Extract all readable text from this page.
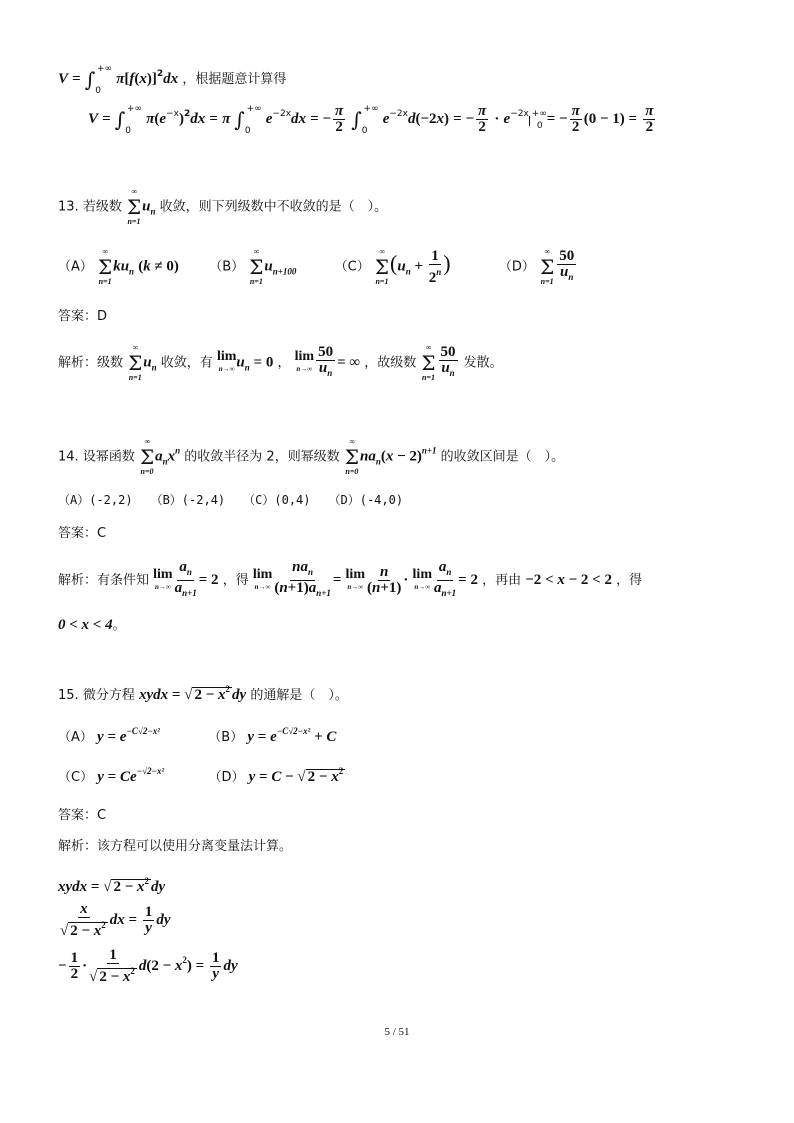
$V = \int_0^{+\infty}$ $\pi[f(x)]^2dx$ ，根据题意计算得
$V = \int_0^{+\infty}$ $\pi(e^{-x})^2dx = \pi$ $\int_0^{+\infty}$ $e^{-2x}dx$ = − $\frac{\pi}{2} \int_0^{+\infty}$ $e^{-2x}d(-2x)$ = − $\frac{\pi}{2} \cdot e^{-2x} +\infty 0$ = − $\frac{\pi}{2} (0 - 1) = \frac{\pi}{2}$
13. 若级数
∞
Σ
n=1
$u_n$ 收敛，则下列级数中不收敛的是（　）。
（A）
∞
Σ
n=1
$ku_n$ (k ≠ 0) （B）
∞
Σ
n=1
$u_{n+100}$	（C）
∞
Σ
n=1
($u_n + \frac{1}{2^n}$ )	（D）
∞
Σ
$n=1 \frac{50}{u_n}$
答案：D
解析：级数
∞
Σ
n=1
$u_n$ 收敛，有 lim
n→∞ $u_n = 0$ ， lim
$n\to\infty \frac{50}{u_n}$ = ∞ ，故级数
∞
Σ
$n=1 \frac{50}{u_n}$ 发散。
14. 设幂函数
∞
Σ
n=0
$a_nx^n$ 的收敛半径为 2，则幂级数
∞
Σ
n=0
$na_n(x - 2)^{n+1}$ 的收敛区间是（　）。
（A）(-2,2)　　（B）(-2,4)　　（C）(0,4)　　（D）(-4,0)
答案：C
解析：有条件知 lim
$n\to\infty \frac{a_n}{a_{n+1}} = 2$ ，得 lim
$n\to\infty \frac{na_n}{(n+1)a_{n+1}} = \lim$
$n\to\infty \frac{n}{(n+1)} \cdot \lim$
$n\to\infty \frac{a_n}{a_{n+1}} = 2$ ，再由 −2 < x − 2 < 2 ，得
0 < x < 4。
15. 微分方程 xydx = √ $2 - x^2$ dy 的通解是（　）。
（A） $y = e^{-C√2-x^2}$	（B） $y = e^{-C√2-x^2} + C$
（C） $y = Ce^{-√2-x^2}$	（D） y = C − √ $2 - x^2$
答案：C
解析：该方程可以使用分离变量法计算。
xydx = √ $2 - x^2$ dy
$\frac{x}{√ 2 - x^2}$ dx = $\frac{1}{y}$ dy
− $\frac{1}{2} \cdot \frac{1}{√ 2 - x^2} d(2 - x^2) = \frac{1}{y}$ dy
5 / 51
